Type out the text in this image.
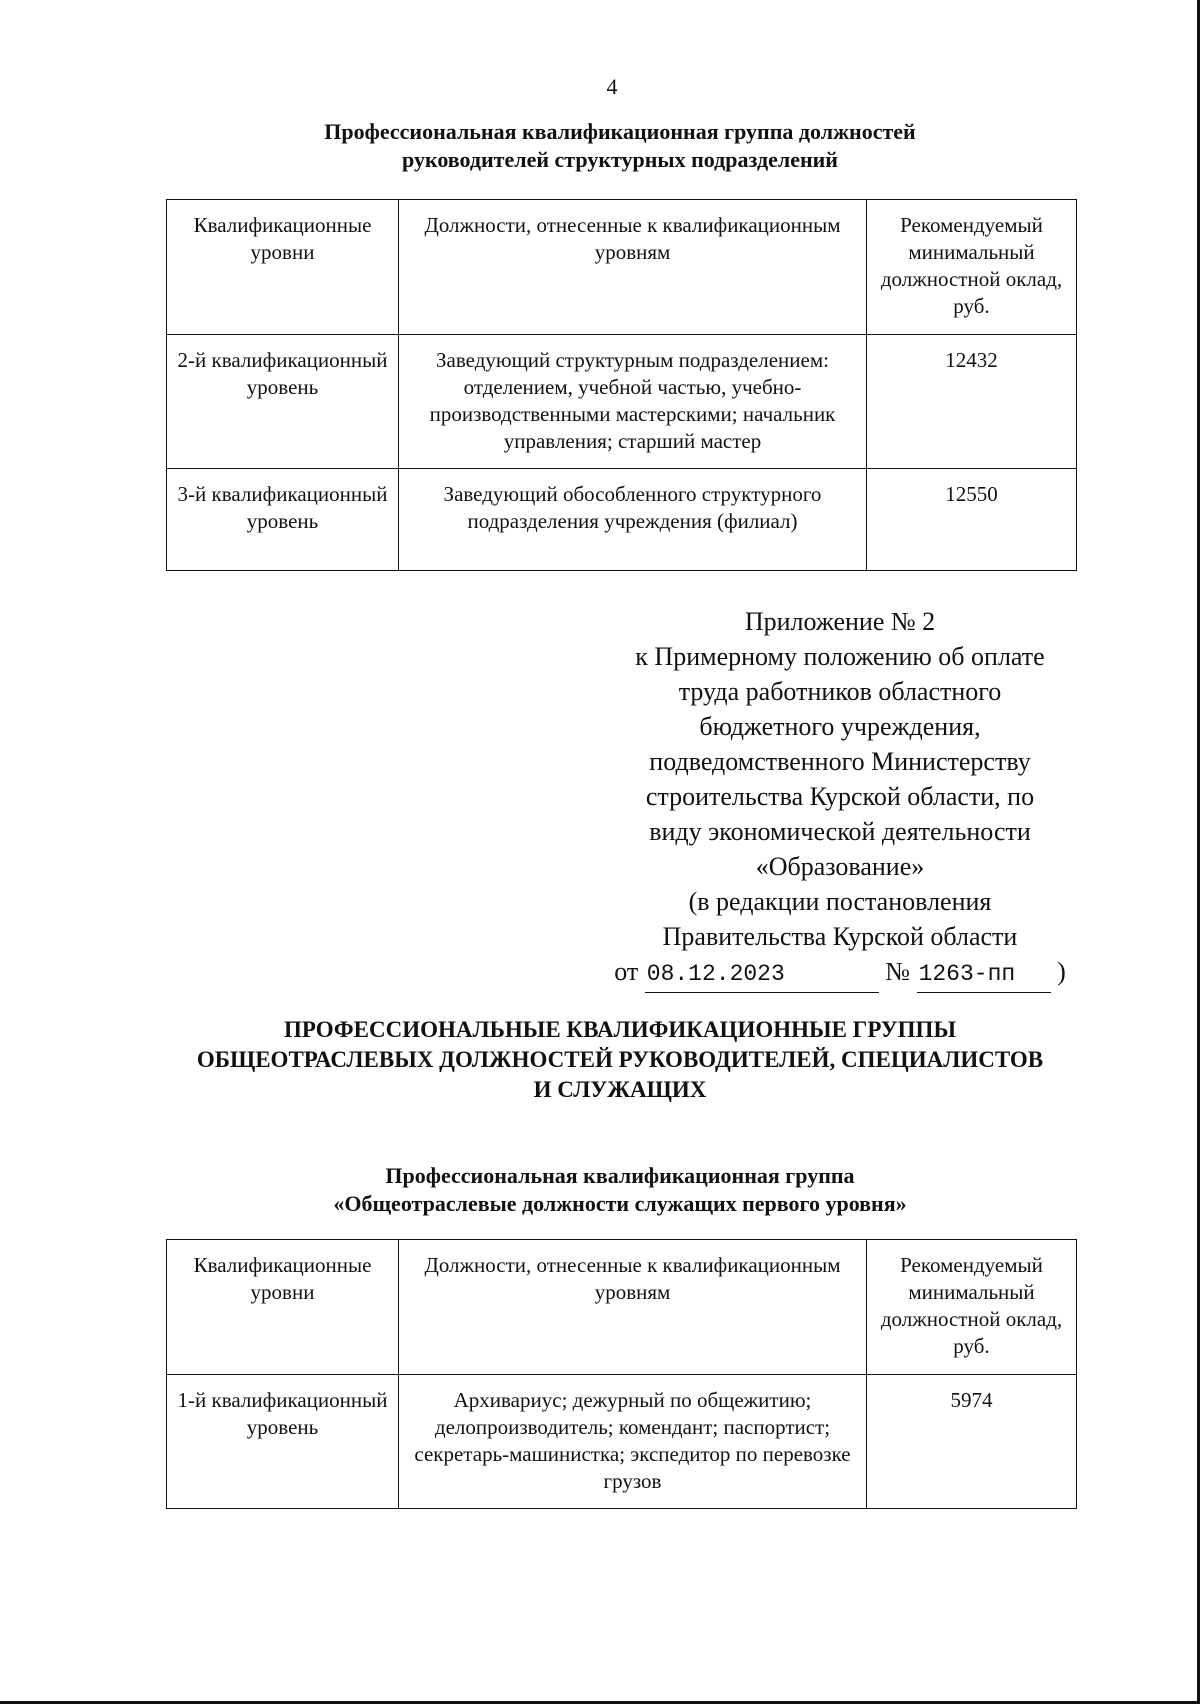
4
Профессиональная квалификационная группа должностей
руководителей структурных подразделений
Квалификационные уровни	Должности, отнесенные к квалификационным уровням	Рекомендуемый минимальный должностной оклад, руб.
2-й квалификационный уровень	Заведующий структурным подразделением: отделением, учебной частью, учебно-производственными мастерскими; начальник управления; старший мастер	12432
3-й квалификационный уровень	Заведующий обособленного структурного подразделения учреждения (филиал)	12550
Приложение № 2
к Примерному положению об оплате
труда работников областного
бюджетного учреждения,
подведомственного Министерству
строительства Курской области, по
виду экономической деятельности
«Образование»
(в редакции постановления
Правительства Курской области
от 08.12.2023	№ 1263-пп )
ПРОФЕССИОНАЛЬНЫЕ КВАЛИФИКАЦИОННЫЕ ГРУППЫ
ОБЩЕОТРАСЛЕВЫХ ДОЛЖНОСТЕЙ РУКОВОДИТЕЛЕЙ, СПЕЦИАЛИСТОВ
И СЛУЖАЩИХ
Профессиональная квалификационная группа
«Общеотраслевые должности служащих первого уровня»
Квалификационные уровни	Должности, отнесенные к квалификационным уровням	Рекомендуемый минимальный должностной оклад, руб.
1-й квалификационный уровень	Архивариус; дежурный по общежитию; делопроизводитель; комендант; паспортист; секретарь-машинистка; экспедитор по перевозке грузов	5974
